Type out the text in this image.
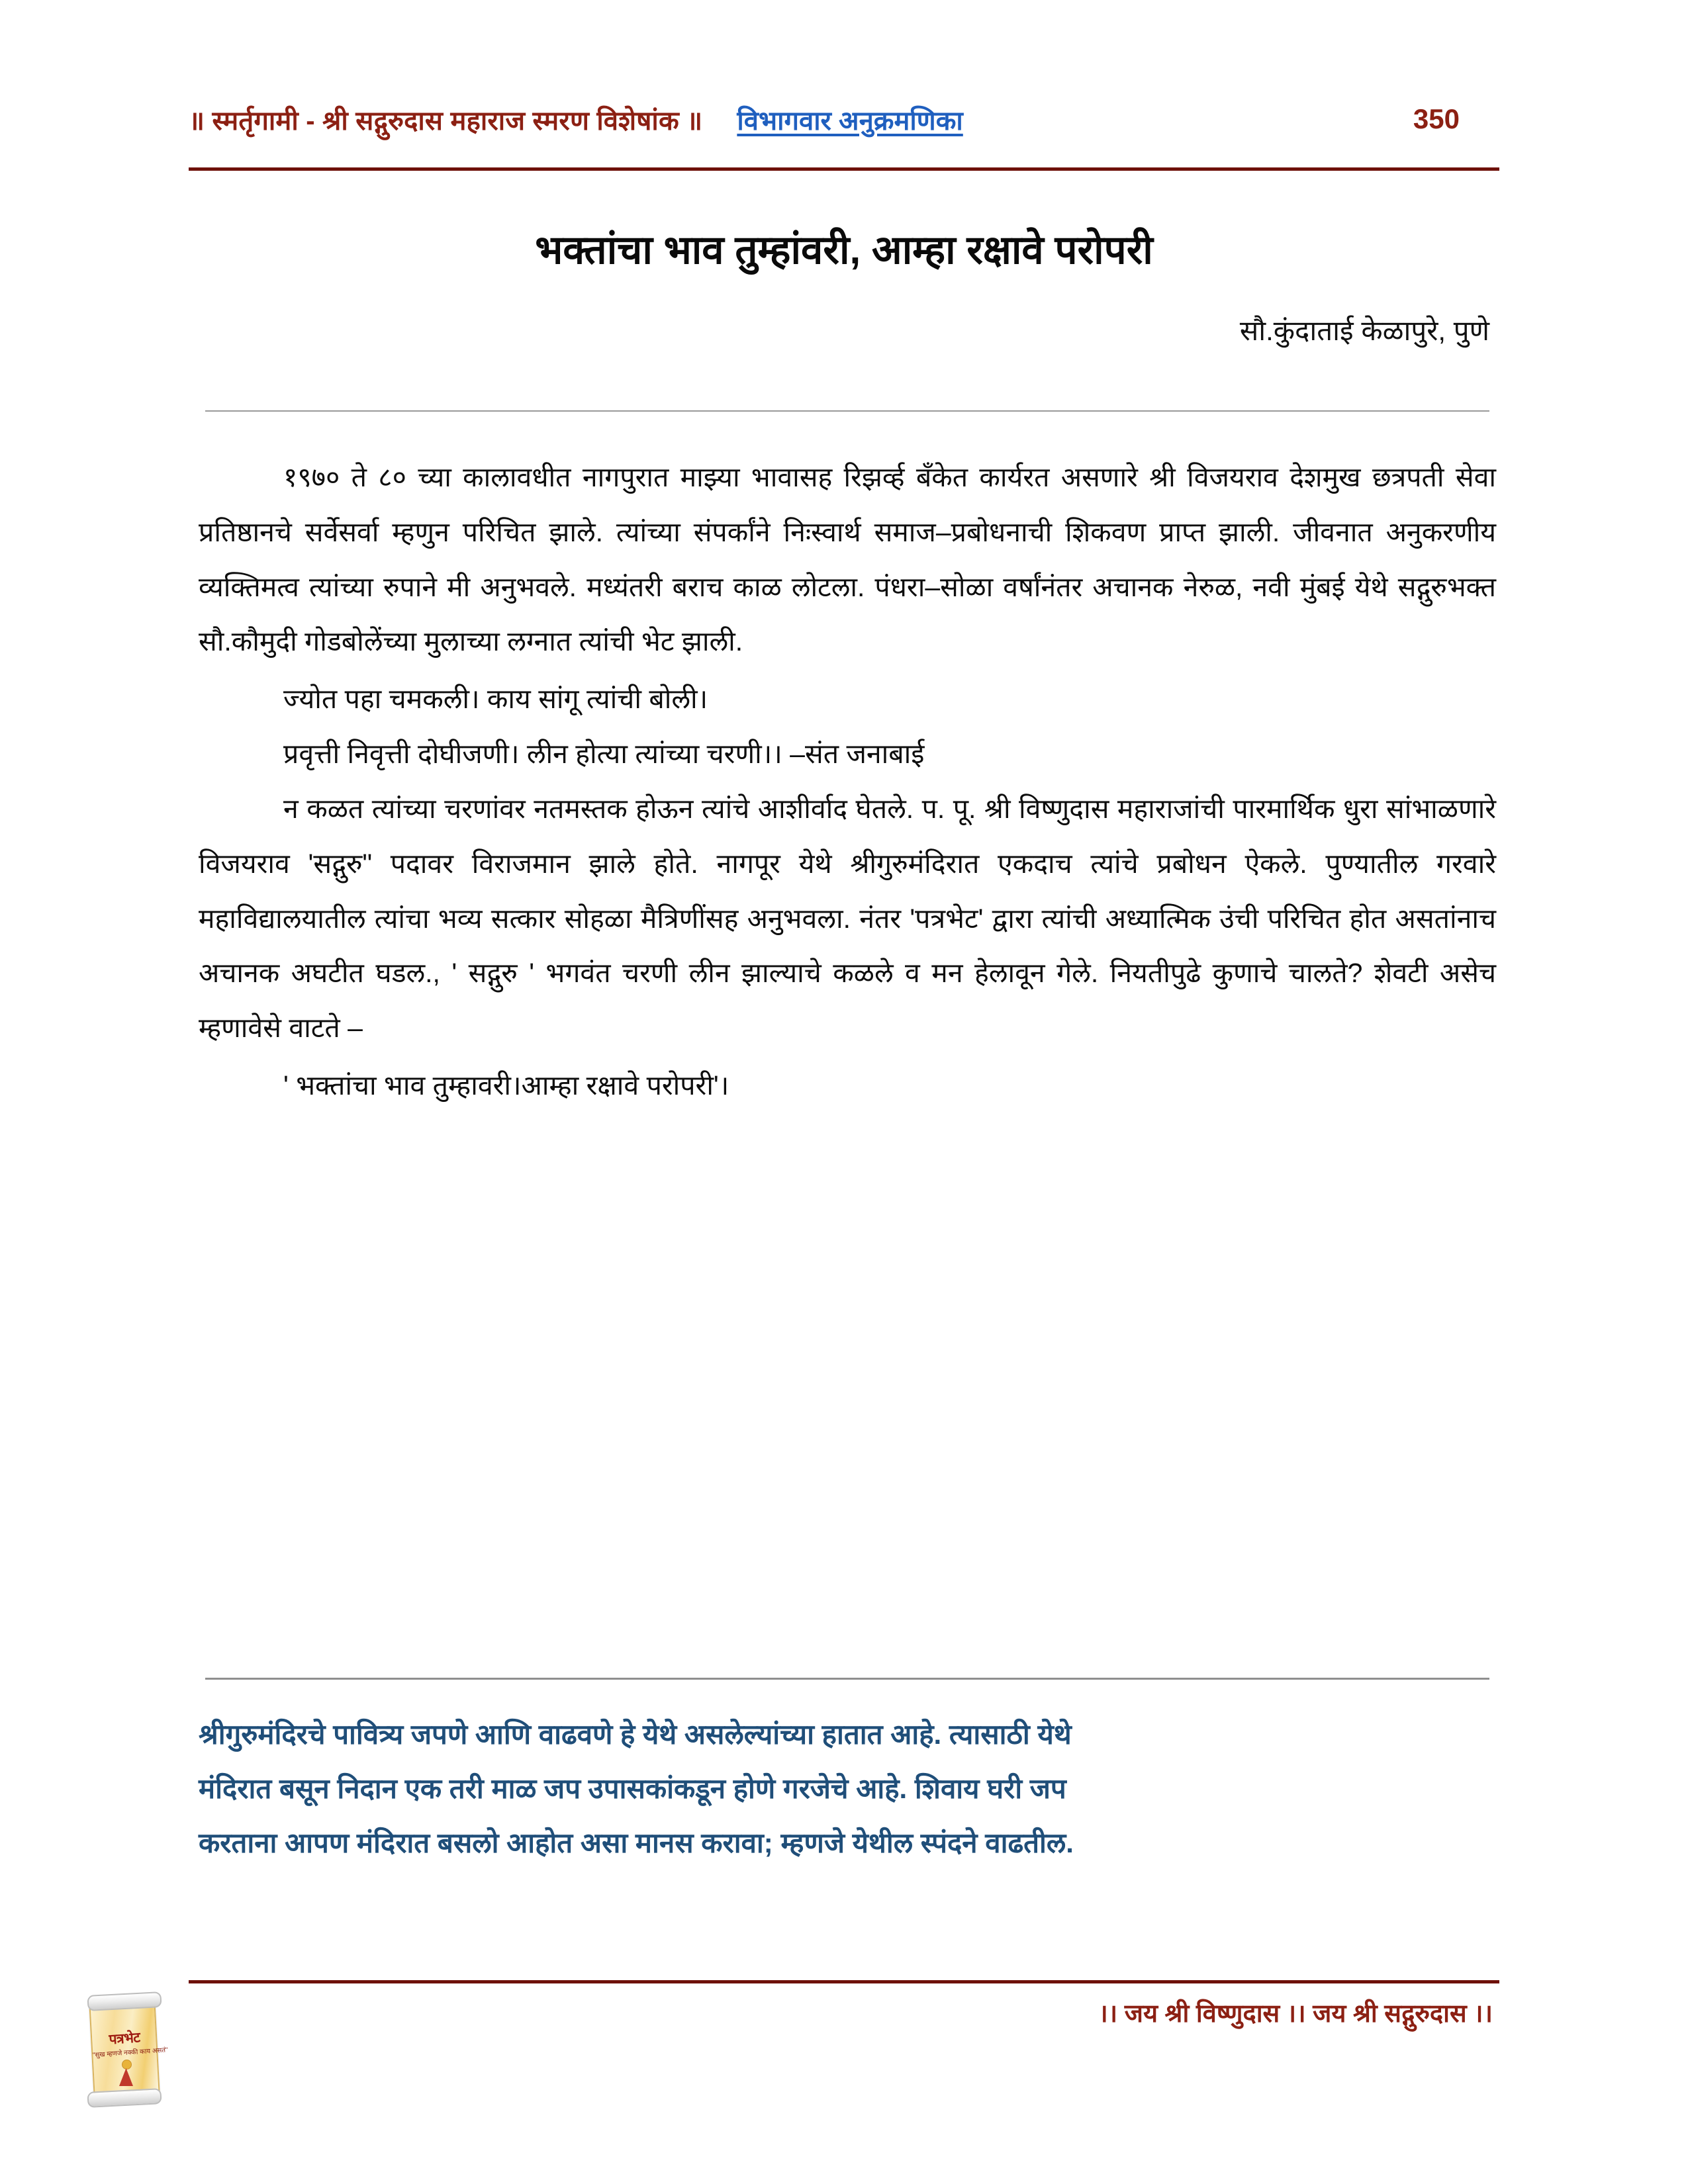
॥ स्मर्तृगामी - श्री सद्गुरुदास महाराज स्मरण विशेषांक ॥ विभागवार अनुक्रमणिका	350
भक्तांचा भाव तुम्हांवरी, आम्हा रक्षावे परोपरी
सौ.कुंदाताई केळापुरे, पुणे

१९७० ते ८० च्या कालावधीत नागपुरात माझ्या भावासह रिझर्व्ह बँकेत कार्यरत असणारे श्री विजयराव देशमुख छत्रपती सेवा प्रतिष्ठानचे सर्वेसर्वा म्हणुन परिचित झाले. त्यांच्या संपर्कांने निःस्वार्थ समाज–प्रबोधनाची शिकवण प्राप्त झाली. जीवनात अनुकरणीय व्यक्तिमत्व त्यांच्या रुपाने मी अनुभवले. मध्यंतरी बराच काळ लोटला. पंधरा–सोळा वर्षांनंतर अचानक नेरुळ, नवी मुंबई येथे सद्गुरुभक्त सौ.कौमुदी गोडबोलेंच्या मुलाच्या लग्नात त्यांची भेट झाली.

ज्योत पहा चमकली। काय सांगू त्यांची बोली।

प्रवृत्ती निवृत्ती दोघीजणी। लीन होत्या त्यांच्या चरणी।। –संत जनाबाई

न कळत त्यांच्या चरणांवर नतमस्तक होऊन त्यांचे आशीर्वाद घेतले. प. पू. श्री विष्णुदास महाराजांची पारमार्थिक धुरा सांभाळणारे विजयराव 'सद्गुरु" पदावर विराजमान झाले होते. नागपूर येथे श्रीगुरुमंदिरात एकदाच त्यांचे प्रबोधन ऐकले. पुण्यातील गरवारे महाविद्यालयातील त्यांचा भव्य सत्कार सोहळा मैत्रिणींसह अनुभवला. नंतर 'पत्रभेट' द्वारा त्यांची अध्यात्मिक उंची परिचित होत असतांनाच अचानक अघटीत घडल., ' सद्गुरु ' भगवंत चरणी लीन झाल्याचे कळले व मन हेलावून गेले. नियतीपुढे कुणाचे चालते? शेवटी असेच म्हणावेसे वाटते –

' भक्तांचा भाव तुम्हावरी।आम्हा रक्षावे परोपरी'।

श्रीगुरुमंदिरचे पावित्र्य जपणे आणि वाढवणे हे येथे असलेल्यांच्या हातात आहे. त्यासाठी येथे
मंदिरात बसून निदान एक तरी माळ जप उपासकांकडून होणे गरजेचे आहे. शिवाय घरी जप
करताना आपण मंदिरात बसलो आहोत असा मानस करावा; म्हणजे येथील स्पंदने वाढतील.
।। जय श्री विष्णुदास ।। जय श्री सद्गुरुदास ।।
पत्रभेट
"सुख म्हणजे नक्की काय असतं"
